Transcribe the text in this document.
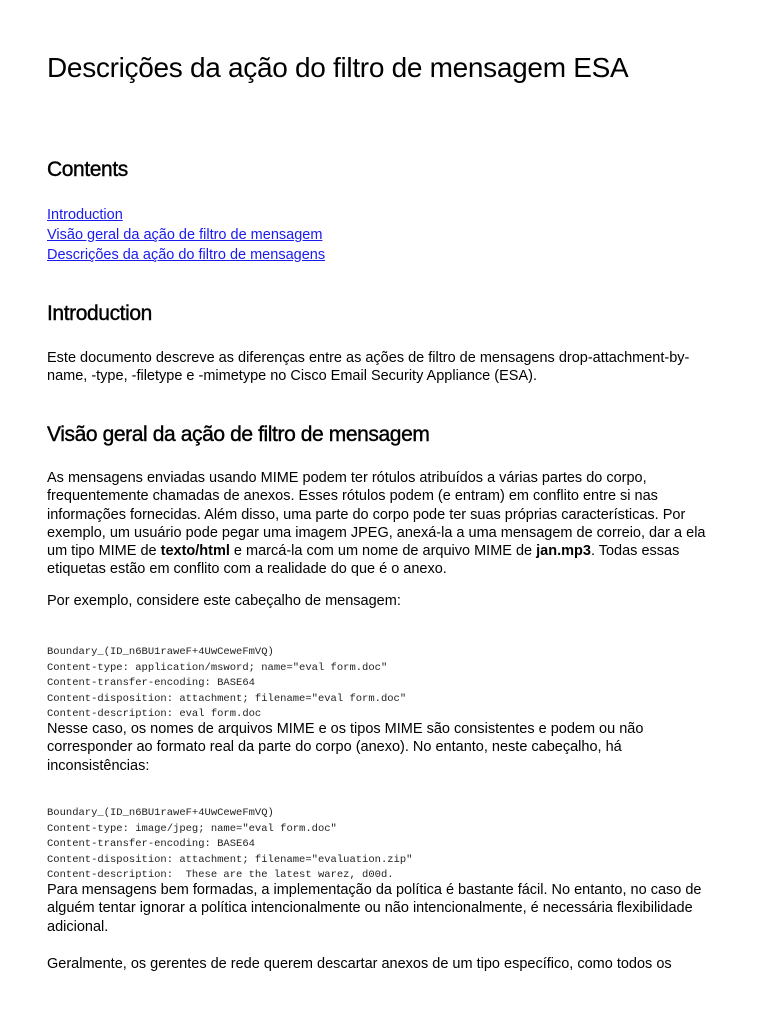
Descrições da ação do filtro de mensagem ESA
Contents
Introduction
Visão geral da ação de filtro de mensagem
Descrições da ação do filtro de mensagens
Introduction

Este documento descreve as diferenças entre as ações de filtro de mensagens drop-attachment-by-name, -type, -filetype e -mimetype no Cisco Email Security Appliance (ESA).

Visão geral da ação de filtro de mensagem

As mensagens enviadas usando MIME podem ter rótulos atribuídos a várias partes do corpo, frequentemente chamadas de anexos. Esses rótulos podem (e entram) em conflito entre si nas informações fornecidas. Além disso, uma parte do corpo pode ter suas próprias características. Por exemplo, um usuário pode pegar uma imagem JPEG, anexá-la a uma mensagem de correio, dar a ela um tipo MIME de texto/html e marcá-la com um nome de arquivo MIME de jan.mp3. Todas essas etiquetas estão em conflito com a realidade do que é o anexo.

Por exemplo, considere este cabeçalho de mensagem:

Boundary_(ID_n6BU1raweF+4UwCeweFmVQ)
Content-type: application/msword; name="eval form.doc"
Content-transfer-encoding: BASE64
Content-disposition: attachment; filename="eval form.doc"
Content-description: eval form.doc

Nesse caso, os nomes de arquivos MIME e os tipos MIME são consistentes e podem ou não corresponder ao formato real da parte do corpo (anexo). No entanto, neste cabeçalho, há inconsistências:

Boundary_(ID_n6BU1raweF+4UwCeweFmVQ)
Content-type: image/jpeg; name="eval form.doc"
Content-transfer-encoding: BASE64
Content-disposition: attachment; filename="evaluation.zip"
Content-description:  These are the latest warez, d00d.

Para mensagens bem formadas, a implementação da política é bastante fácil. No entanto, no caso de alguém tentar ignorar a política intencionalmente ou não intencionalmente, é necessária flexibilidade adicional.

Geralmente, os gerentes de rede querem descartar anexos de um tipo específico, como todos os
